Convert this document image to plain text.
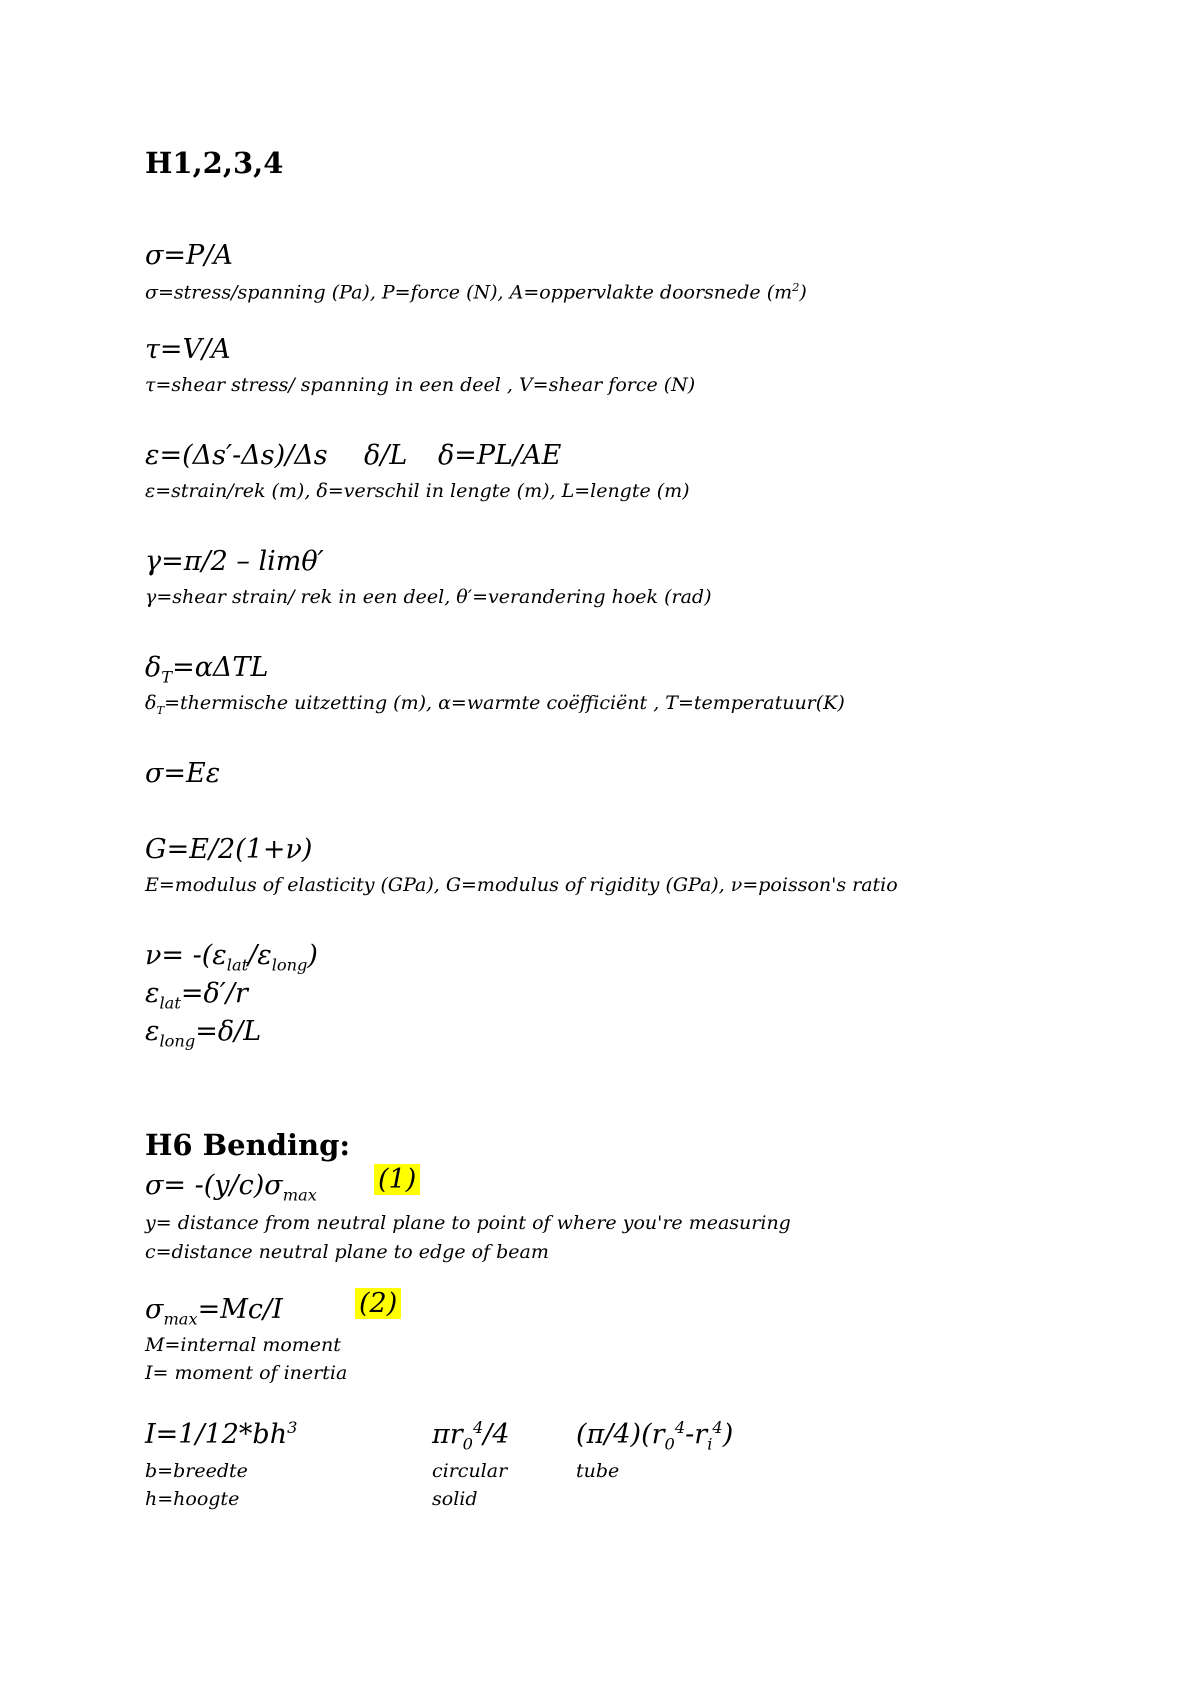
H1,2,3,4
σ=P/A
σ=stress/spanning (Pa), P=force (N), A=oppervlakte doorsnede $(m^2)$
τ=V/A
τ=shear stress/ spanning in een deel , V=shear force (N)
ε=(Δs′-Δs)/Δs δ/L δ=PL/AE
ε=strain/rek (m), δ=verschil in lengte (m), L=lengte (m)
γ=π/2 – limθ′
γ=shear strain/ rek in een deel, θ′=verandering hoek (rad)
$\delta_T=\alpha\Delta TL$
$\delta_T=thermische$ uitzetting (m), α=warmte coëfficiënt , T=temperatuur(K)
σ=Eε
G=E/2(1+ν)
E=modulus of elasticity (GPa), G=modulus of rigidity (GPa), ν=poisson's ratio
$\nu= -(\varepsilon_{lat}/\varepsilon_{long})$
$\varepsilon_{lat}=\delta'/r$
$\varepsilon_{long}=\delta/L$
H6 Bending:
$\sigma= -(y/c)\sigma_{max}$ (1)
y= distance from neutral plane to point of where you're measuring
c=distance neutral plane to edge of beam
$\sigma_{max}=Mc/I$	(2)
M=internal moment
I= moment of inertia
$I=1/12*bh^3$	$\pi r_0^4/4$ $(\pi/4)(r_0^4-r_i^4)$
b=breedte
h=hoogte
circular
solid
tube
